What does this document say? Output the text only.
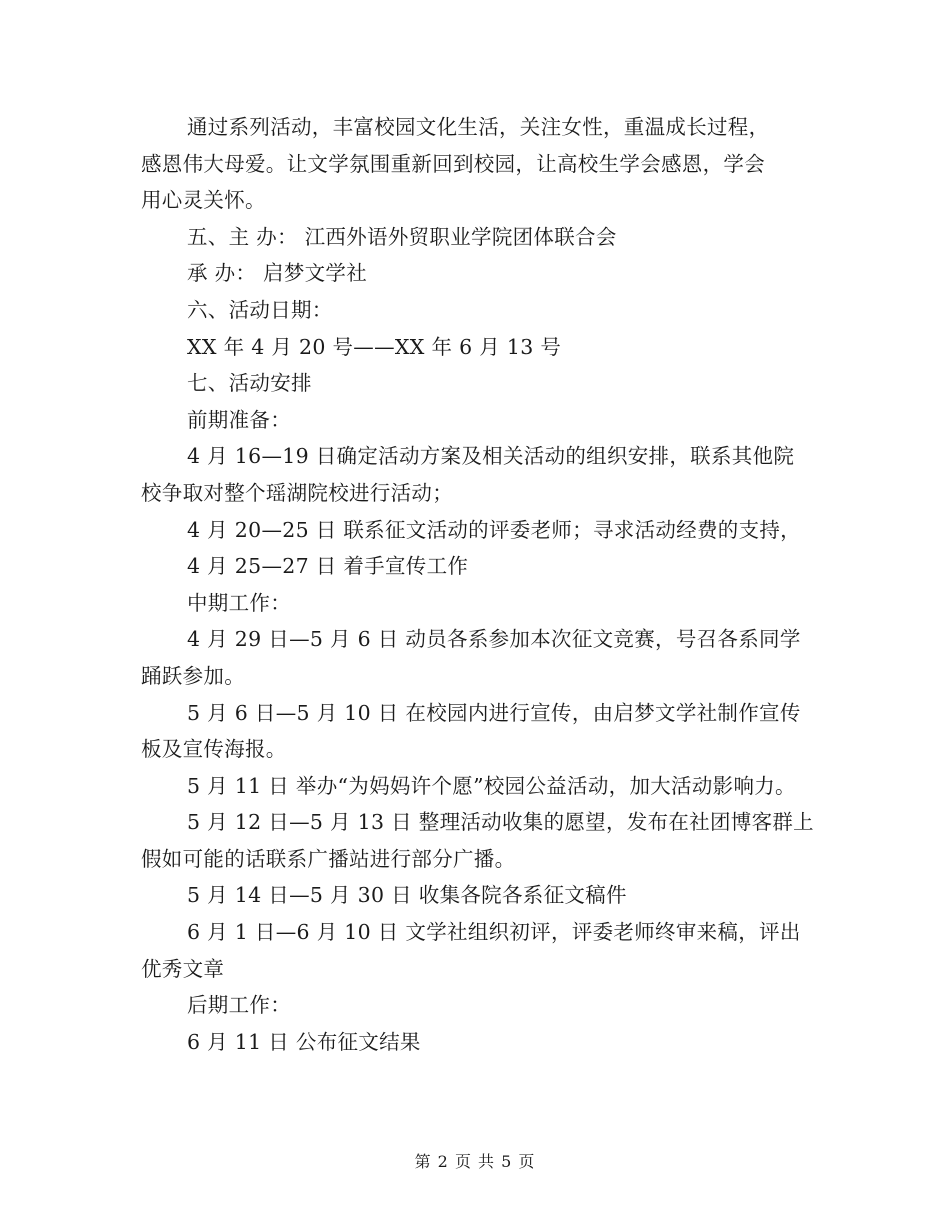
通过系列活动，丰富校园文化生活，关注女性，重温成长过程，
感恩伟大母爱。让文学氛围重新回到校园，让高校生学会感恩，学会
用心灵关怀。
五、主 办： 江西外语外贸职业学院团体联合会
承 办： 启梦文学社
六、活动日期：
XX 年 4 月 20 号——XX 年 6 月 13 号
七、活动安排
前期准备：
4 月 16—19 日确定活动方案及相关活动的组织安排，联系其他院
校争取对整个瑶湖院校进行活动；
4 月 20—25 日 联系征文活动的评委老师；寻求活动经费的支持，
4 月 25—27 日 着手宣传工作
中期工作：
4 月 29 日—5 月 6 日 动员各系参加本次征文竞赛，号召各系同学
踊跃参加。
5 月 6 日—5 月 10 日 在校园内进行宣传，由启梦文学社制作宣传
板及宣传海报。
5 月 11 日 举办“为妈妈许个愿”校园公益活动，加大活动影响力。
5 月 12 日—5 月 13 日 整理活动收集的愿望，发布在社团博客群上
假如可能的话联系广播站进行部分广播。
5 月 14 日—5 月 30 日 收集各院各系征文稿件
6 月 1 日—6 月 10 日 文学社组织初评，评委老师终审来稿，评出
优秀文章
后期工作：
6 月 11 日 公布征文结果
第 2 页 共 5 页
